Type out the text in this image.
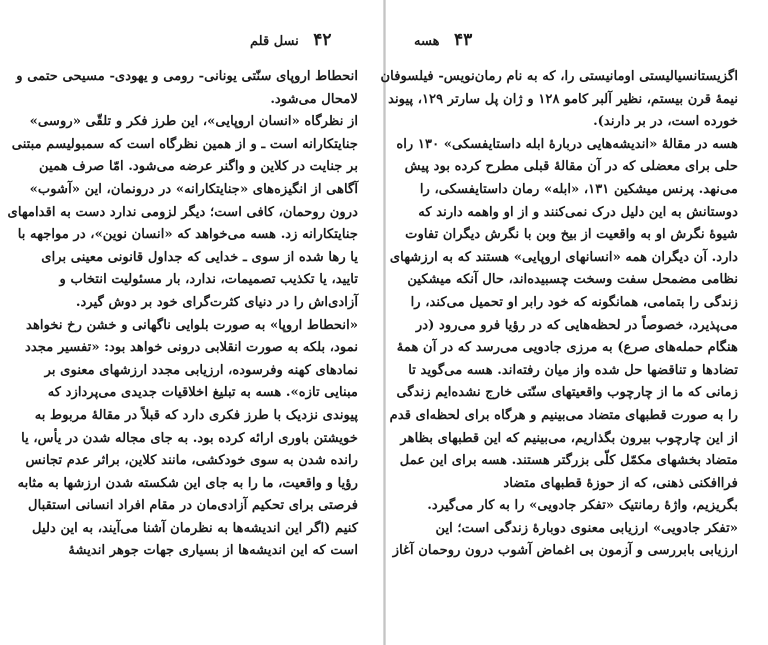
۴۲ نسل قلم
انحطاط اروپای سنّتی یونانی- رومی و یهودی- مسیحی حتمی و
لامحال می‌شود.
از نظرگاه «انسان اروپایی»، این طرز فکر و تلقّی «روسی»
جنایتکارانه است ـ و از همین نظرگاه است که سمبولیسم مبتنی
بر جنایت در کلاین و واگنر عرضه می‌شود. امّا صرف همین
آگاهی از انگیزه‌های «جنایتکارانه» در درونمان، این «آشوب»
درون روحمان، کافی است؛ دیگر لزومی ندارد دست به اقدامهای
جنایتکارانه زد. هسه می‌خواهد که «انسان نوین»، در مواجهه با
یا رها شده از سوی ـ خدایی که جداول قانونی معینی برای
تایید، یا تکذیب تصمیمات، ندارد، بار مسئولیت انتخاب و
آزادی‌اش را در دنیای کثرت‌گرای خود بر دوش گیرد.
«انحطاط اروپا» به صورت بلوایی ناگهانی و خشن رخ نخواهد
نمود، بلکه به صورت انقلابی درونی خواهد بود: «تفسیر مجدد
نمادهای کهنه وفرسوده، ارزیابی مجدد ارزشهای معنوی بر
مبنایی تازه». هسه به تبلیغ اخلاقیات جدیدی می‌پردازد که
پیوندی نزدیک با طرز فکری دارد که قبلاً در مقالهٔ مربوط به
خویشتن باوری ارائه کرده بود. به جای مجاله شدن در یأس، یا
رانده شدن به سوی خودکشی، مانند کلاین، براثر عدم تجانس
رؤیا و واقعیت، ما را به جای این شکسته شدن ارزشها به مثابه
فرصتی برای تحکیم آزادی‌مان در مقام افراد انسانی استقبال
کنیم (اگر این اندیشه‌ها به نظرمان آشنا می‌آیند، به این دلیل
است که این اندیشه‌ها از بسیاری جهات جوهر اندیشهٔ
۴۳ هسه
اگزیستانسیالیستی اومانیستی را، که به نام رمان‌نویس- فیلسوفان
نیمهٔ قرن بیستم، نظیر آلبر کامو ۱۲۸ و ژان پل سارتر ۱۲۹، پیوند
خورده است، در بر دارند).
هسه در مقالهٔ «اندیشه‌هایی دربارهٔ ابله داستایفسکی» ۱۳۰ راه
حلی برای معضلی که در آن مقالهٔ قبلی مطرح کرده بود پیش
می‌نهد. پرنس میشکین ۱۳۱، «ابله» رمان داستایفسکی، را
دوستانش به این دلیل درک نمی‌کنند و از او واهمه دارند که
شیوهٔ نگرش او به واقعیت از بیخ وبن با نگرش دیگران تفاوت
دارد. آن دیگران همه «انسانهای اروپایی» هستند که به ارزشهای
نظامی مضمحل سفت وسخت چسبیده‌اند، حال آنکه میشکین
زندگی را بتمامی، همانگونه که خود رابر او تحمیل می‌کند، را
می‌پذیرد، خصوصاً در لحظه‌هایی که در رؤیا فرو می‌رود (در
هنگام حمله‌های صرع) به مرزی جادویی می‌رسد که در آن همهٔ
تضادها و تناقضها حل شده واز میان رفته‌اند. هسه می‌گوید تا
زمانی که ما از چارچوب واقعیتهای سنّتی خارج نشده‌ایم زندگی
را به صورت قطبهای متضاد می‌بینیم و هرگاه برای لحظه‌ای قدم
از این چارچوب بیرون بگذاریم، می‌بینیم که این قطبهای بظاهر
متضاد بخشهای مکمّل کلّی بزرگتر هستند. هسه برای این عمل
فراافکنی ذهنی، که از حوزهٔ قطبهای متضاد
بگریزیم، واژهٔ رمانتیک «تفکر جادویی» را به کار می‌گیرد.
«تفکر جادویی» ارزیابی معنوی دوبارهٔ زندگی است؛ این
ارزیابی بابررسی و آزمون بی اغماض آشوب درون روحمان آغاز
